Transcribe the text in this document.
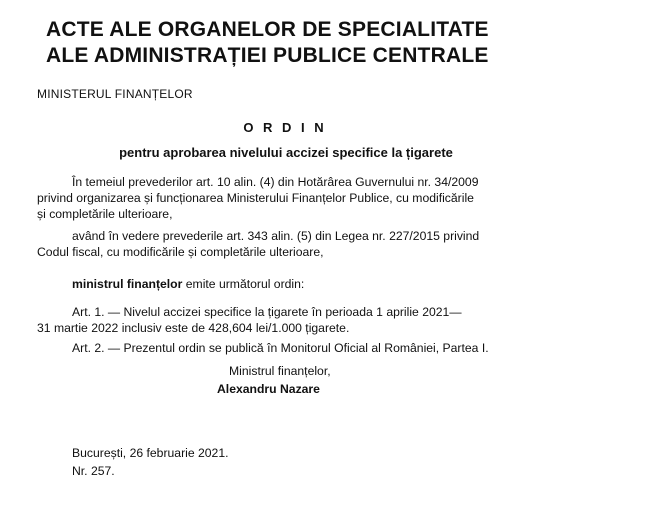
ACTE ALE ORGANELOR DE SPECIALITATE
ALE ADMINISTRAȚIEI PUBLICE CENTRALE
MINISTERUL FINANȚELOR
O R D I N
pentru aprobarea nivelului accizei specifice la țigarete
În temeiul prevederilor art. 10 alin. (4) din Hotărârea Guvernului nr. 34/2009
privind organizarea și funcționarea Ministerului Finanțelor Publice, cu modificările
și completările ulterioare,
având în vedere prevederile art. 343 alin. (5) din Legea nr. 227/2015 privind
Codul fiscal, cu modificările și completările ulterioare,
ministrul finanțelor emite următorul ordin:
Art. 1. — Nivelul accizei specifice la țigarete în perioada 1 aprilie 2021—
31 martie 2022 inclusiv este de 428,604 lei/1.000 țigarete.
Art. 2. — Prezentul ordin se publică în Monitorul Oficial al României, Partea I.
Ministrul finanțelor,
Alexandru Nazare
București, 26 februarie 2021.
Nr. 257.
